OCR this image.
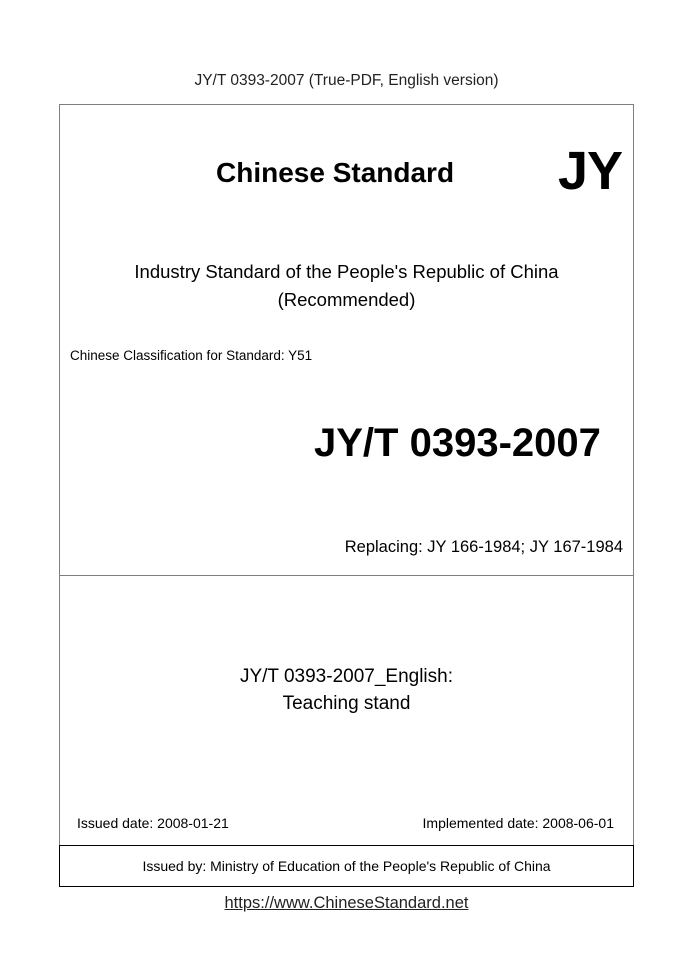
JY/T 0393-2007 (True-PDF, English version)
Chinese Standard JY
Industry Standard of the People's Republic of China
(Recommended)
Chinese Classification for Standard: Y51
JY/T 0393-2007
Replacing: JY 166-1984; JY 167-1984
JY/T 0393-2007_English:
Teaching stand
Issued date: 2008-01-21	Implemented date: 2008-06-01
Issued by: Ministry of Education of the People's Republic of China
https://www.ChineseStandard.net
